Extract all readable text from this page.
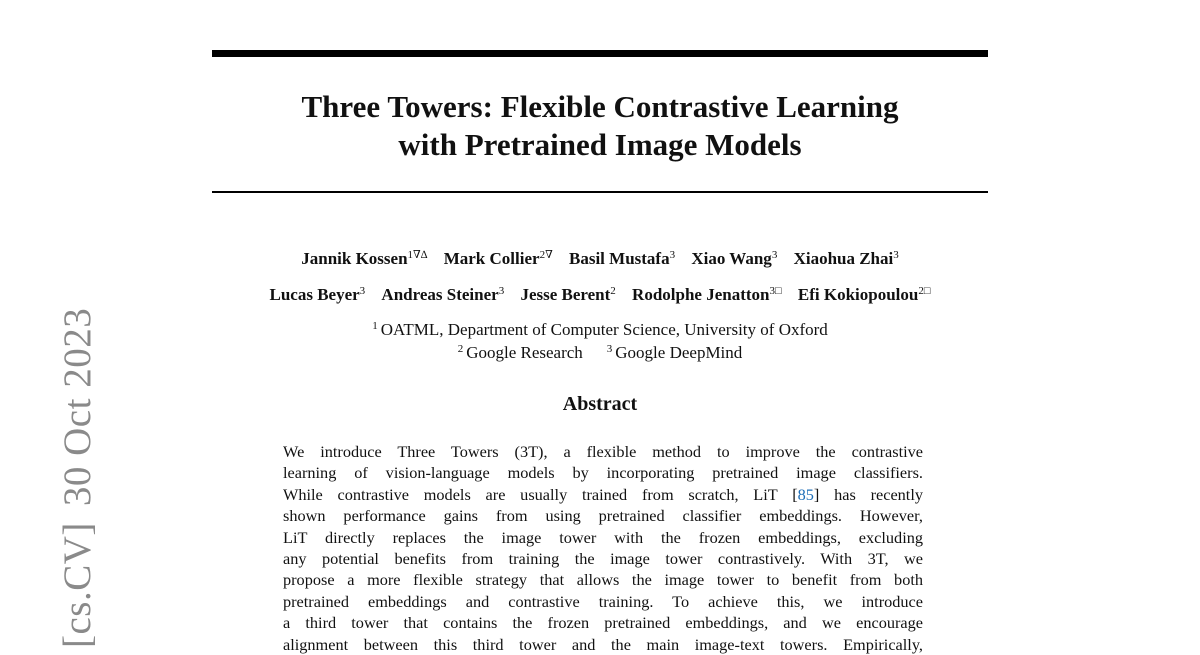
[cs.CV]30 Oct 2023
Three Towers: Flexible Contrastive Learning
with Pretrained Image Models
Jannik Kossen$^{1\nabla\Delta}$ Mark Collier$^{2\nabla}$ Basil Mustafa$^3$ Xiao Wang$^3$ Xiaohua Zhai$^3$
Lucas Beyer$^3$ Andreas Steiner$^3$ Jesse Berent$^2$ Rodolphe Jenatton$^{3□}$ Efi Kokiopoulou$^{2□}$
$^1$ OATML, Department of Computer Science, University of Oxford
$^2$ Google Research $^3$ Google DeepMind
Abstract
We introduce Three Towers (3T), a flexible method to improve the contrastive
learning of vision-language models by incorporating pretrained image classifiers.
While contrastive models are usually trained from scratch, LiT [85] has recently
shown performance gains from using pretrained classifier embeddings. However,
LiT directly replaces the image tower with the frozen embeddings, excluding
any potential benefits from training the image tower contrastively. With 3T, we
propose a more flexible strategy that allows the image tower to benefit from both
pretrained embeddings and contrastive training. To achieve this, we introduce
a third tower that contains the frozen pretrained embeddings, and we encourage
alignment between this third tower and the main image-text towers. Empirically,
